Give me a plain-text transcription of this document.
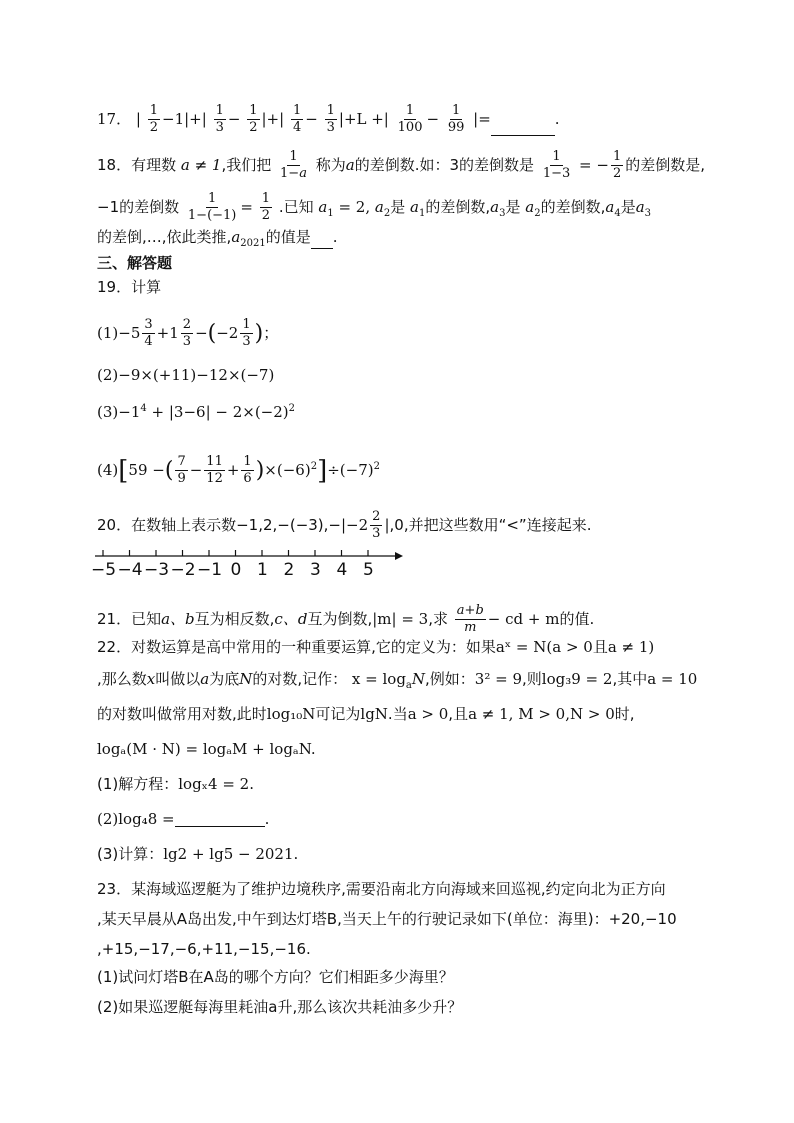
17． | $\frac{1}{2} -1|+| \frac{1}{3} - \frac{1}{2}$ |+| $\frac{1}{4} - \frac{1}{3} |+L$ +| $\frac{1}{100} - \frac{1}{99}$ |=	.
18．有理数 a ≠ 1,我们把 $\frac{1}{1-a}$ 称为a的差倒数.如：3的差倒数是 $\frac{1}{1-3}$ = − $\frac{1}{2}$ 的差倒数是,
−1的差倒数 $\frac{1}{1-(-1)} = \frac{1}{2}$ .已知 $a_1 = 2$, $a_2$是 $a_1$的差倒数$,a_3$是 $a_2$的差倒数$,a_4$是$a_3$
的差倒,…,依此类推$,a_{2021}$的值是 .
三、解答题
19．计算
$(1)-5 \frac{3}{4} +1 \frac{2}{3} -(-2 \frac{1}{3}$ )；
(2)−9×(+11)−12×(−7)
$(3)-1^4 + |3-6| - 2\times(-2)^2$
(4)[59 −( $\frac{7}{9} - \frac{11}{12} + \frac{1}{6} )\times(-6)^2]\div(-7)^2$
20．在数轴上表示数$-1,2,-(-3),-|-2 \frac{2}{3} |,0$,并把这些数用“<”连接起来.
−5 −4 −3 −2 −1 0 1 2 3 4 5
21．已知a、b互为相反数,c、d互为倒数,|m| = 3,求 $\frac{a+b}{m}$ − cd + m的值.
22．对数运算是高中常用的一种重要运算,它的定义为：如果aˣ = N(a > 0且a ≠ 1)
,那么数x叫做以a为底N的对数,记作： $x = \log_aN$,例如：3² = 9,则log₃9 = 2,其中a = 10
的对数叫做常用对数,此时log₁₀N可记为lgN.当a > 0,且a ≠ 1, M > 0,N > 0时,
logₐ(M · N) = logₐM + logₐN.
(1)解方程：logₓ4 = 2.
(2)log₄8 =	.
(3)计算：lg2 + lg5 − 2021.
23．某海域巡逻艇为了维护边境秩序,需要沿南北方向海域来回巡视,约定向北为正方向
,某天早晨从A岛出发,中午到达灯塔B,当天上午的行驶记录如下(单位：海里)：+20,−10
,+15,−17,−6,+11,−15,−16.
(1)试问灯塔B在A岛的哪个方向？它们相距多少海里？
(2)如果巡逻艇每海里耗油a升,那么该次共耗油多少升？
